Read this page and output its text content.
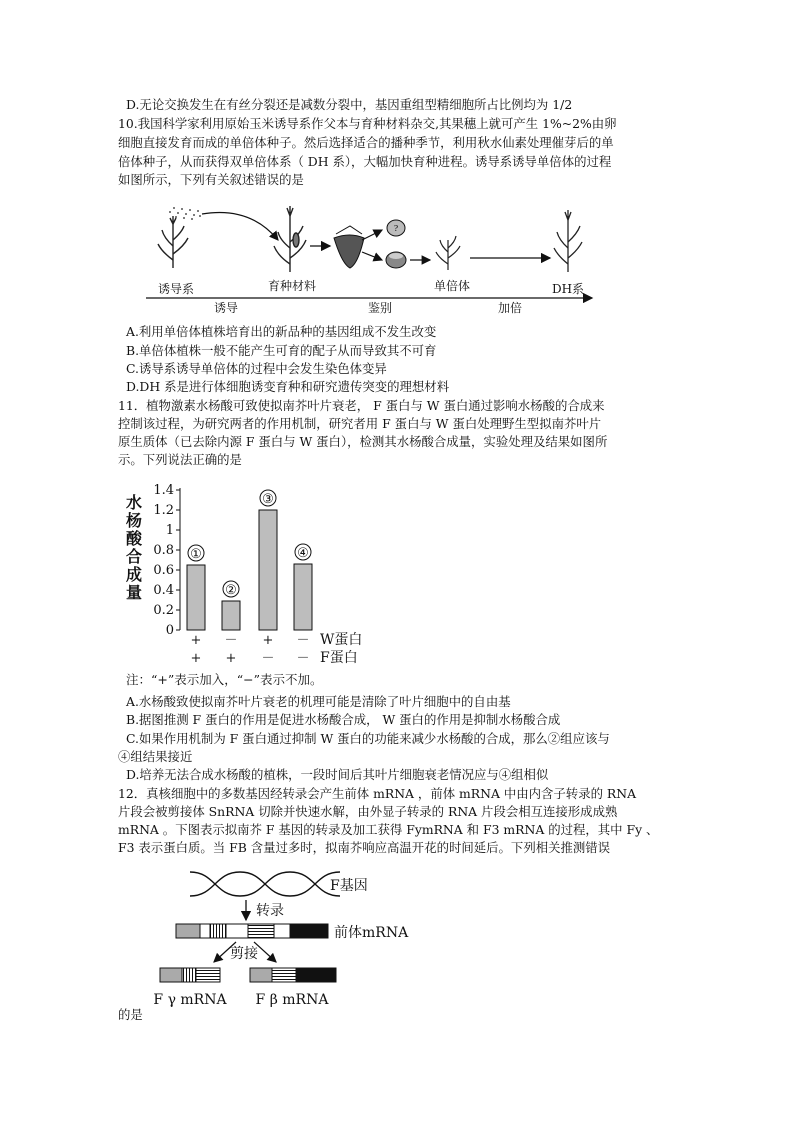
D.无论交换发生在有丝分裂还是减数分裂中，基因重组型精细胞所占比例均为 1/2
10.我国科学家利用原始玉米诱导系作父本与育种材料杂交,其果穗上就可产生 1%~2%由卵
细胞直接发育而成的单倍体种子。然后选择适合的播种季节，利用秋水仙素处理催芽后的单
倍体种子，从而获得双单倍体系（ DH 系），大幅加快育种进程。诱导系诱导单倍体的过程
如图所示，下列有关叙述错误的是
?
诱导系	育种材料	单倍体	DH系
诱导	鉴别	加倍
A.利用单倍体植株培育出的新品种的基因组成不发生改变
B.单倍体植株一般不能产生可育的配子从而导致其不可育
C.诱导系诱导单倍体的过程中会发生染色体变异
D.DH 系是进行体细胞诱变育种和研究遗传突变的理想材料
11．植物激素水杨酸可致使拟南芥叶片衰老， F 蛋白与 W 蛋白通过影响水杨酸的合成来
控制该过程，为研究两者的作用机制，研究者用 F 蛋白与 W 蛋白处理野生型拟南芥叶片
原生质体（已去除内源 F 蛋白与 W 蛋白），检测其水杨酸合成量，实验处理及结果如图所
示。下列说法正确的是
0
0.2
0.4
0.6
0.8
1
1.2
1.4
水
杨
酸
合
成
量
①
②
③
④
+ － + － W蛋白
+ + － － F蛋白
注：“+”表示加入，“−”表示不加。
A.水杨酸致使拟南芥叶片衰老的机理可能是清除了叶片细胞中的自由基
B.据图推测 F 蛋白的作用是促进水杨酸合成， W 蛋白的作用是抑制水杨酸合成
C.如果作用机制为 F 蛋白通过抑制 W 蛋白的功能来减少水杨酸的合成，那么②组应该与
④组结果接近
D.培养无法合成水杨酸的植株，一段时间后其叶片细胞衰老情况应与④组相似
12．真核细胞中的多数基因经转录会产生前体 mRNA ，前体 mRNA 中由内含子转录的 RNA
片段会被剪接体 SnRNA 切除并快速水解，由外显子转录的 RNA 片段会相互连接形成成熟
mRNA 。下图表示拟南芥 F 基因的转录及加工获得 FymRNA 和 F3 mRNA 的过程，其中 Fy 、
F3 表示蛋白质。当 FB 含量过多时，拟南芥响应高温开花的时间延后。下列相关推测错误
F基因
转录
前体mRNA
剪接
F γ mRNA F β mRNA
的是
